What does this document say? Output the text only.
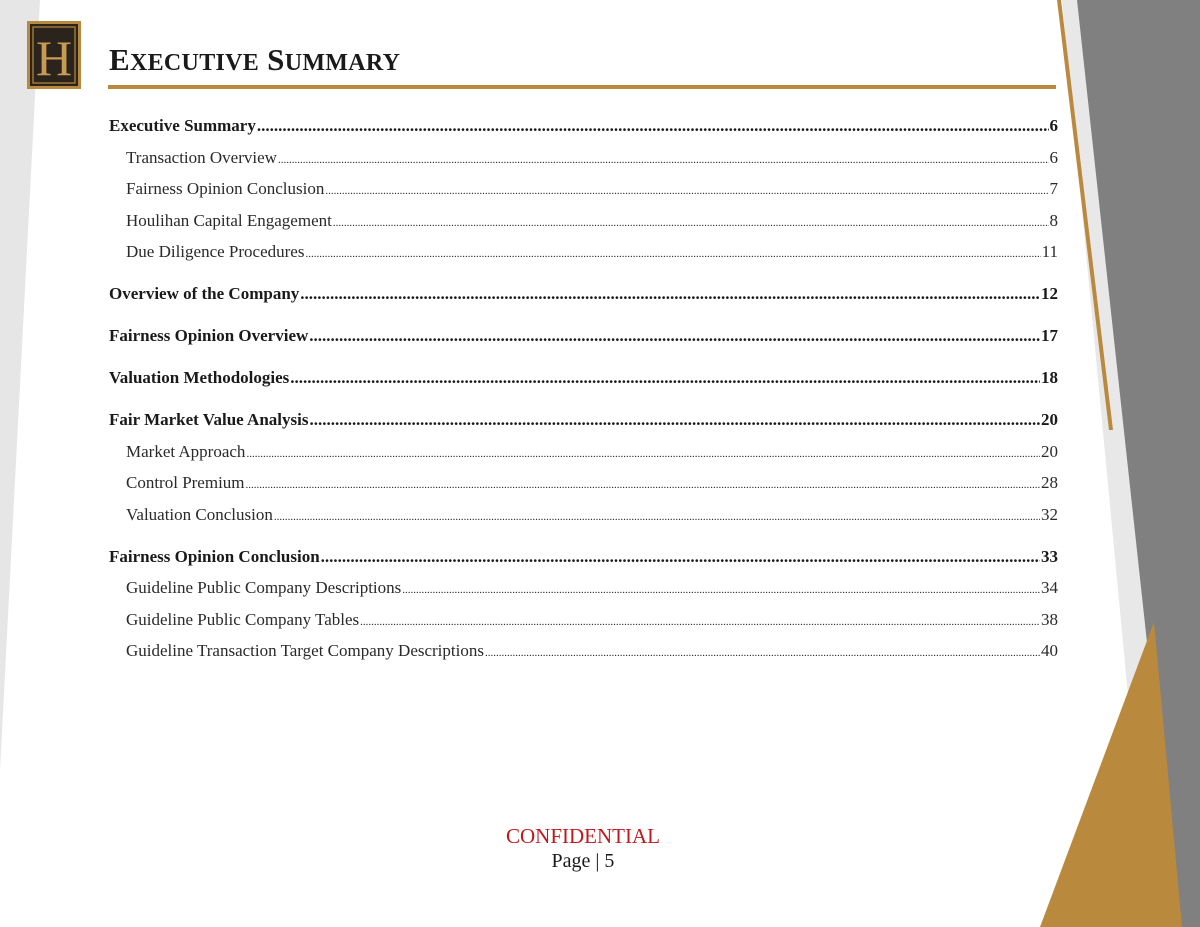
H EXECUTIVE SUMMARY
Executive Summary .....	6
Transaction Overview .....	6
Fairness Opinion Conclusion .....	7
Houlihan Capital Engagement .....	8
Due Diligence Procedures .....	11
Overview of the Company .....	12
Fairness Opinion Overview .....	17
Valuation Methodologies .....	18
Fair Market Value Analysis .....	20
Market Approach .....	20
Control Premium .....	28
Valuation Conclusion .....	32
Fairness Opinion Conclusion .....	33
Guideline Public Company Descriptions .....	34
Guideline Public Company Tables .....	38
Guideline Transaction Target Company Descriptions .....	40
CONFIDENTIAL
Page | 5
